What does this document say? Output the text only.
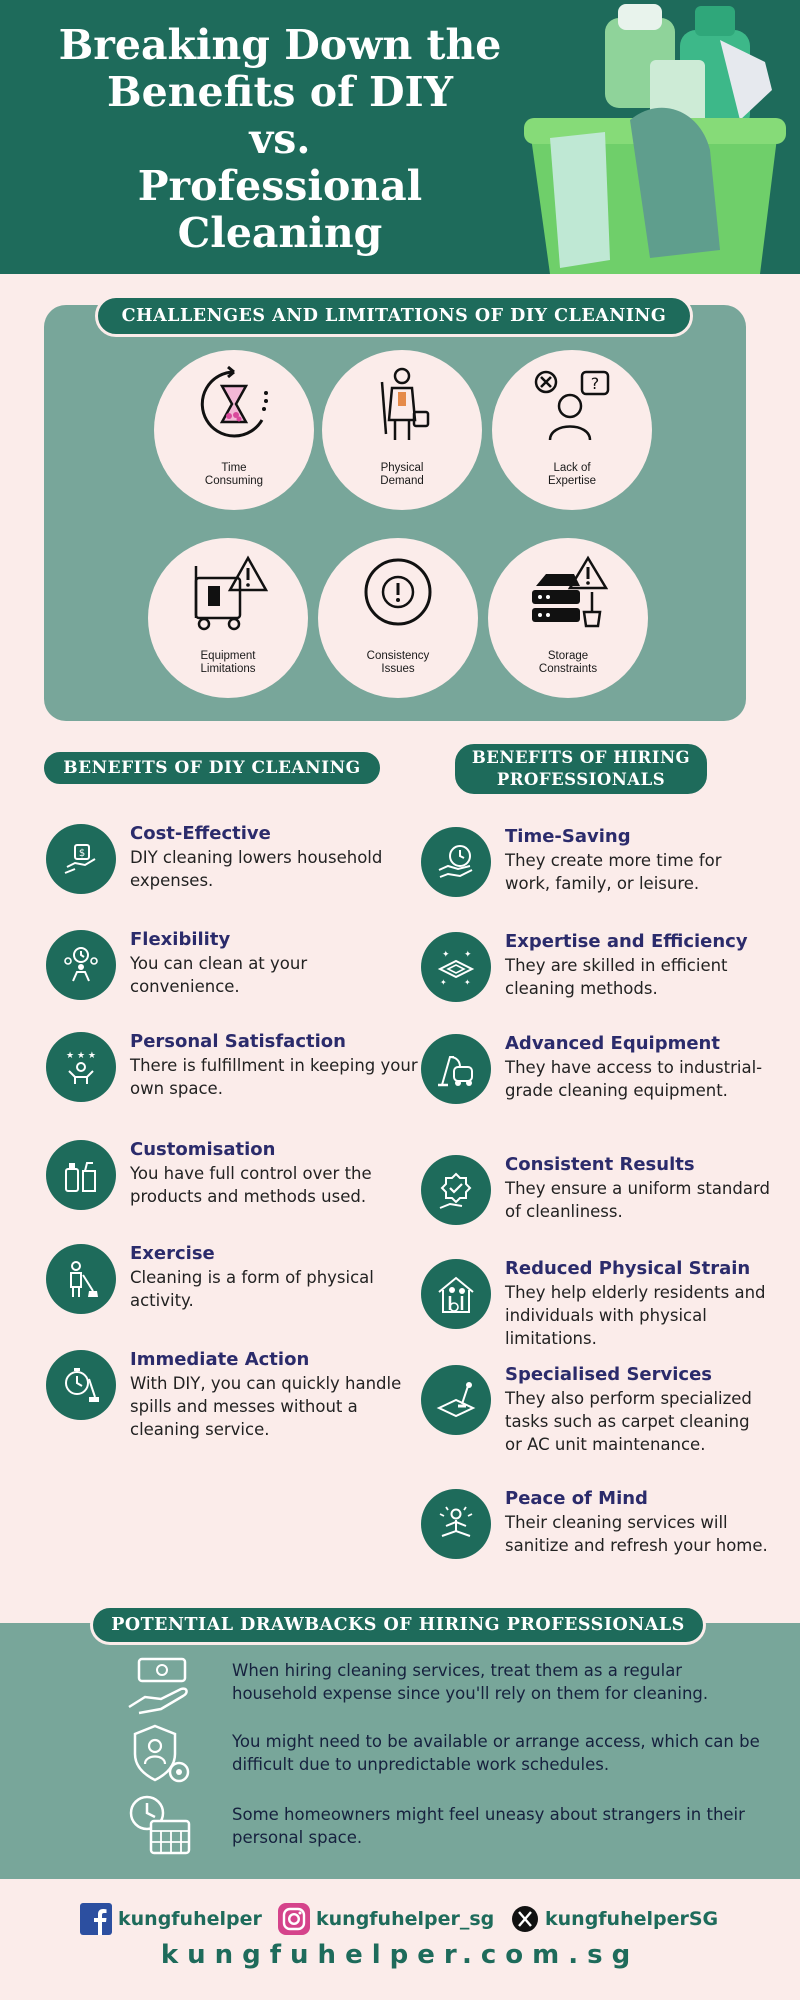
Breaking Down the
Benefits of DIY
vs.
Professional
Cleaning
CHALLENGES AND LIMITATIONS OF DIY CLEANING
Time
Consuming
Physical
Demand
?
Lack of
Expertise
Equipment
Limitations
Consistency
Issues
Storage
Constraints
BENEFITS OF DIY CLEANING
BENEFITS OF HIRING
PROFESSIONALS
$
Cost-Effective
DIY cleaning lowers household expenses.
Flexibility
You can clean at your convenience.
★ ★ ★
Personal Satisfaction
There is fulfillment in keeping your own space.
Customisation
You have full control over the products and methods used.
Exercise
Cleaning is a form of physical activity.
Immediate Action
With DIY, you can quickly handle spills and messes without a cleaning service.
Time-Saving
They create more time for work, family, or leisure.
✦ ✦
✦
✦
Expertise and Efficiency
They are skilled in efficient cleaning methods.
Advanced Equipment
They have access to industrial-grade cleaning equipment.
Consistent Results
They ensure a uniform standard of cleanliness.
Reduced Physical Strain
They help elderly residents and individuals with physical limitations.
Specialised Services
They also perform specialized tasks such as carpet cleaning or AC unit maintenance.
Peace of Mind
Their cleaning services will sanitize and refresh your home.
POTENTIAL DRAWBACKS OF HIRING PROFESSIONALS
When hiring cleaning services, treat them as a regular household expense since you'll rely on them for cleaning.
You might need to be available or arrange access, which can be difficult due to unpredictable work schedules.
Some homeowners might feel uneasy about strangers in their personal space.
kungfuhelper	kungfuhelper_sg	kungfuhelperSG
kungfuhelper.com.sg
